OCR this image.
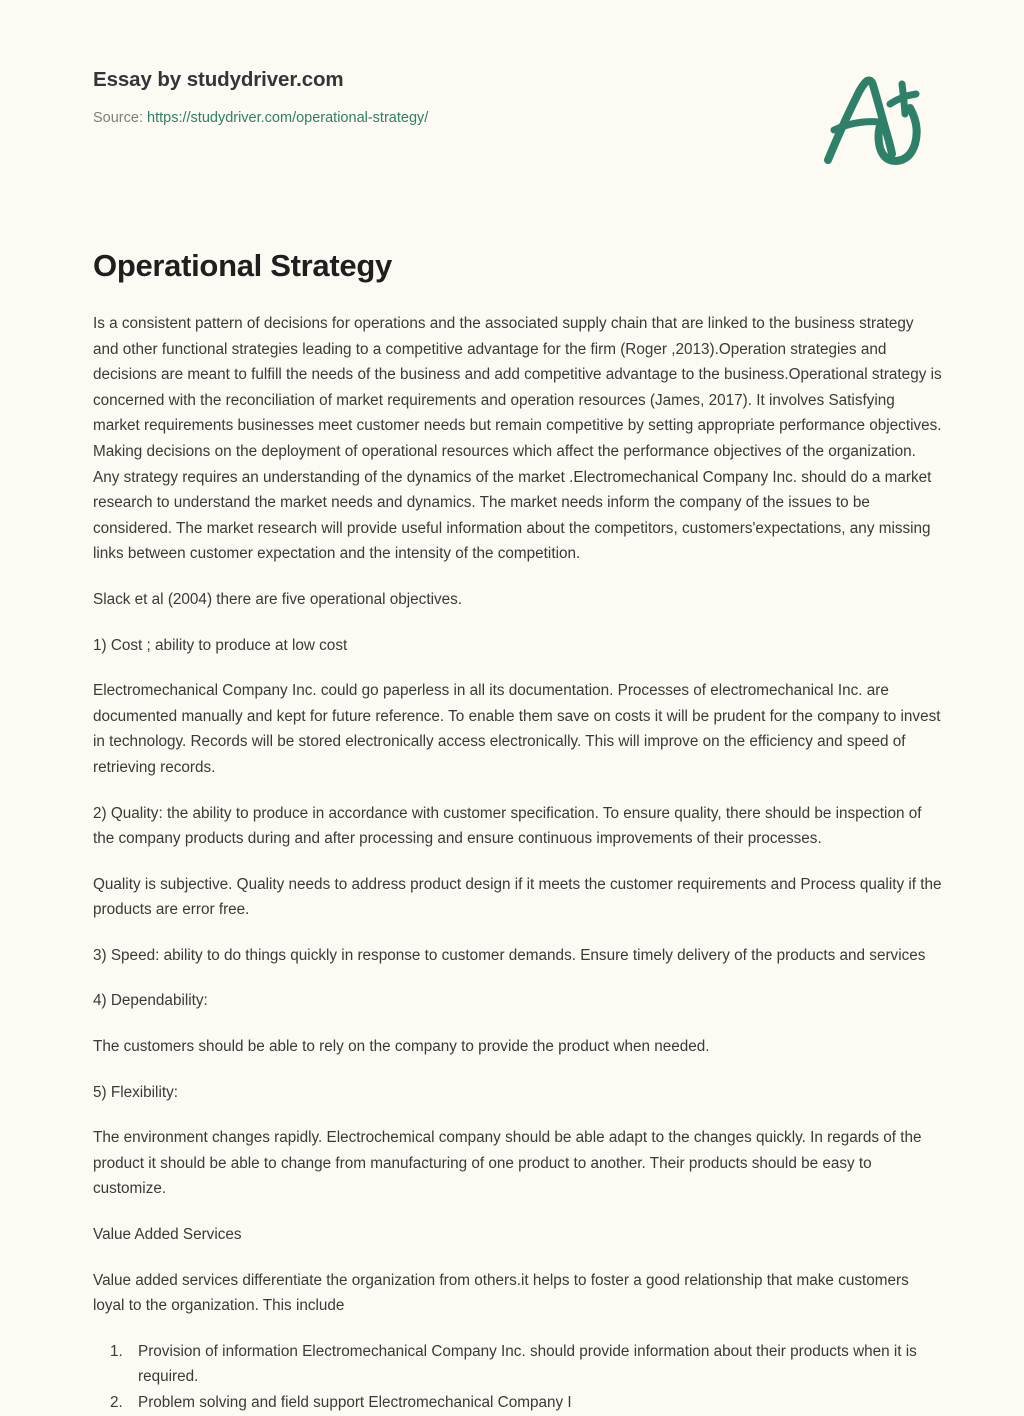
Essay by studydriver.com
Source: https://studydriver.com/operational-strategy/
Operational Strategy

Is a consistent pattern of decisions for operations and the associated supply chain that are linked to the business strategy and other functional strategies leading to a competitive advantage for the firm (Roger ,2013).Operation strategies and decisions are meant to fulfill the needs of the business and add competitive advantage to the business.Operational strategy is concerned with the reconciliation of market requirements and operation resources (James, 2017). It involves Satisfying market requirements businesses meet customer needs but remain competitive by setting appropriate performance objectives. Making decisions on the deployment of operational resources which affect the performance objectives of the organization. Any strategy requires an understanding of the dynamics of the market .Electromechanical Company Inc. should do a market research to understand the market needs and dynamics. The market needs inform the company of the issues to be considered. The market research will provide useful information about the competitors, customers'expectations, any missing links between customer expectation and the intensity of the competition.

Slack et al (2004) there are five operational objectives.

1) Cost ; ability to produce at low cost

Electromechanical Company Inc. could go paperless in all its documentation. Processes of electromechanical Inc. are documented manually and kept for future reference. To enable them save on costs it will be prudent for the company to invest in technology. Records will be stored electronically access electronically. This will improve on the efficiency and speed of retrieving records.

2) Quality: the ability to produce in accordance with customer specification. To ensure quality, there should be inspection of the company products during and after processing and ensure continuous improvements of their processes.

Quality is subjective. Quality needs to address product design if it meets the customer requirements and Process quality if the products are error free.

3) Speed: ability to do things quickly in response to customer demands. Ensure timely delivery of the products and services

4) Dependability:

The customers should be able to rely on the company to provide the product when needed.

5) Flexibility:

The environment changes rapidly. Electrochemical company should be able adapt to the changes quickly. In regards of the product it should be able to change from manufacturing of one product to another. Their products should be easy to customize.

Value Added Services

Value added services differentiate the organization from others.it helps to foster a good relationship that make customers loyal to the organization. This include

Provision of information Electromechanical Company Inc. should provide information about their products when it is required.
Problem solving and field support Electromechanical Company I
